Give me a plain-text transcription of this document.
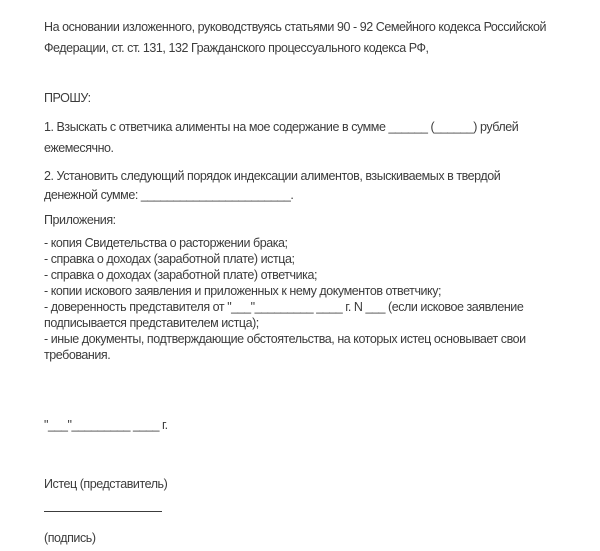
На основании изложенного, руководствуясь статьями 90 - 92 Семейного кодекса Российской Федерации, ст. ст. 131, 132 Гражданского процессуального кодекса РФ,

ПРОШУ:

1. Взыскать с ответчика алименты на мое содержание в сумме ______ (______) рублей ежемесячно.

2. Установить следующий порядок индексации алиментов, взыскиваемых в твердой денежной сумме: _______________________.

Приложения:

- копия Свидетельства о расторжении брака;

- справка о доходах (заработной плате) истца;

- справка о доходах (заработной плате) ответчика;

- копии искового заявления и приложенных к нему документов ответчику;

- доверенность представителя от "___"_________ ____ г. N ___ (если исковое заявление подписывается представителем истца);

- иные документы, подтверждающие обстоятельства, на которых истец основывает свои требования.

"___"_________ ____ г.

Истец (представитель)

(подпись)
